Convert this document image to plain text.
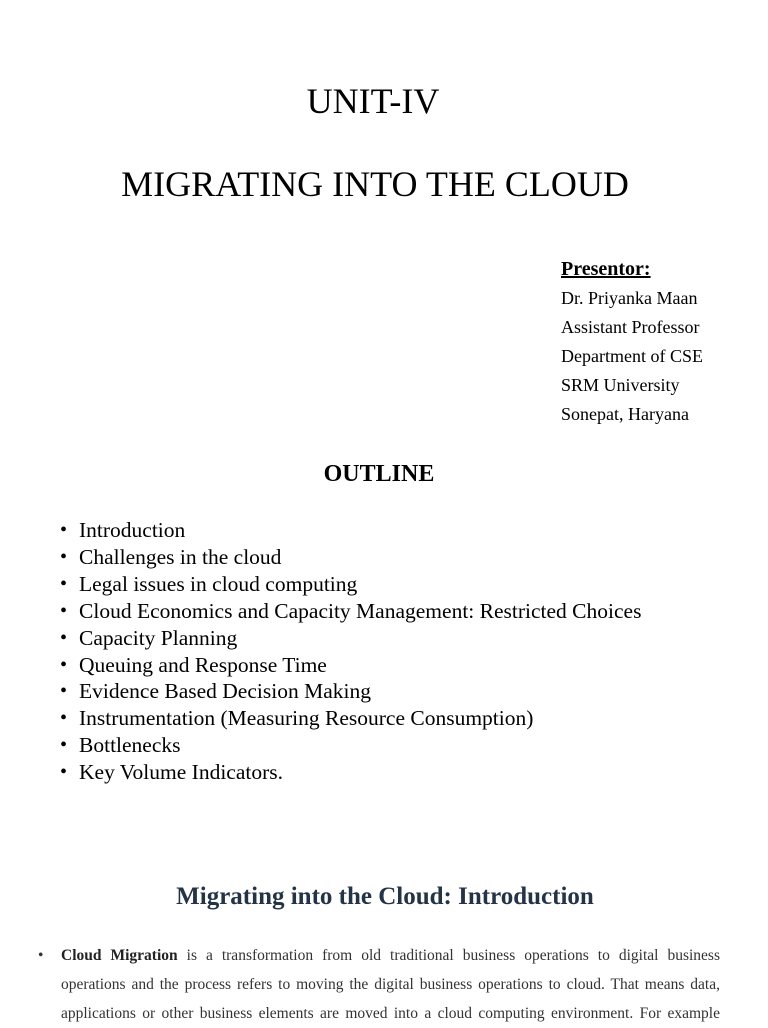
UNIT-IV
MIGRATING INTO THE CLOUD
Presentor:
Dr. Priyanka Maan
Assistant Professor
Department of CSE
SRM University
Sonepat, Haryana
OUTLINE
• Introduction
• Challenges in the cloud
• Legal issues in cloud computing
• Cloud Economics and Capacity Management: Restricted Choices
• Capacity Planning
• Queuing and Response Time
• Evidence Based Decision Making
• Instrumentation (Measuring Resource Consumption)
• Bottlenecks
• Key Volume Indicators.
Migrating into the Cloud: Introduction
• Cloud Migration is a transformation from old traditional business operations to digital business operations and the process refers to moving the digital business operations to cloud. That means data, applications or other business elements are moved into a cloud computing environment. For example
